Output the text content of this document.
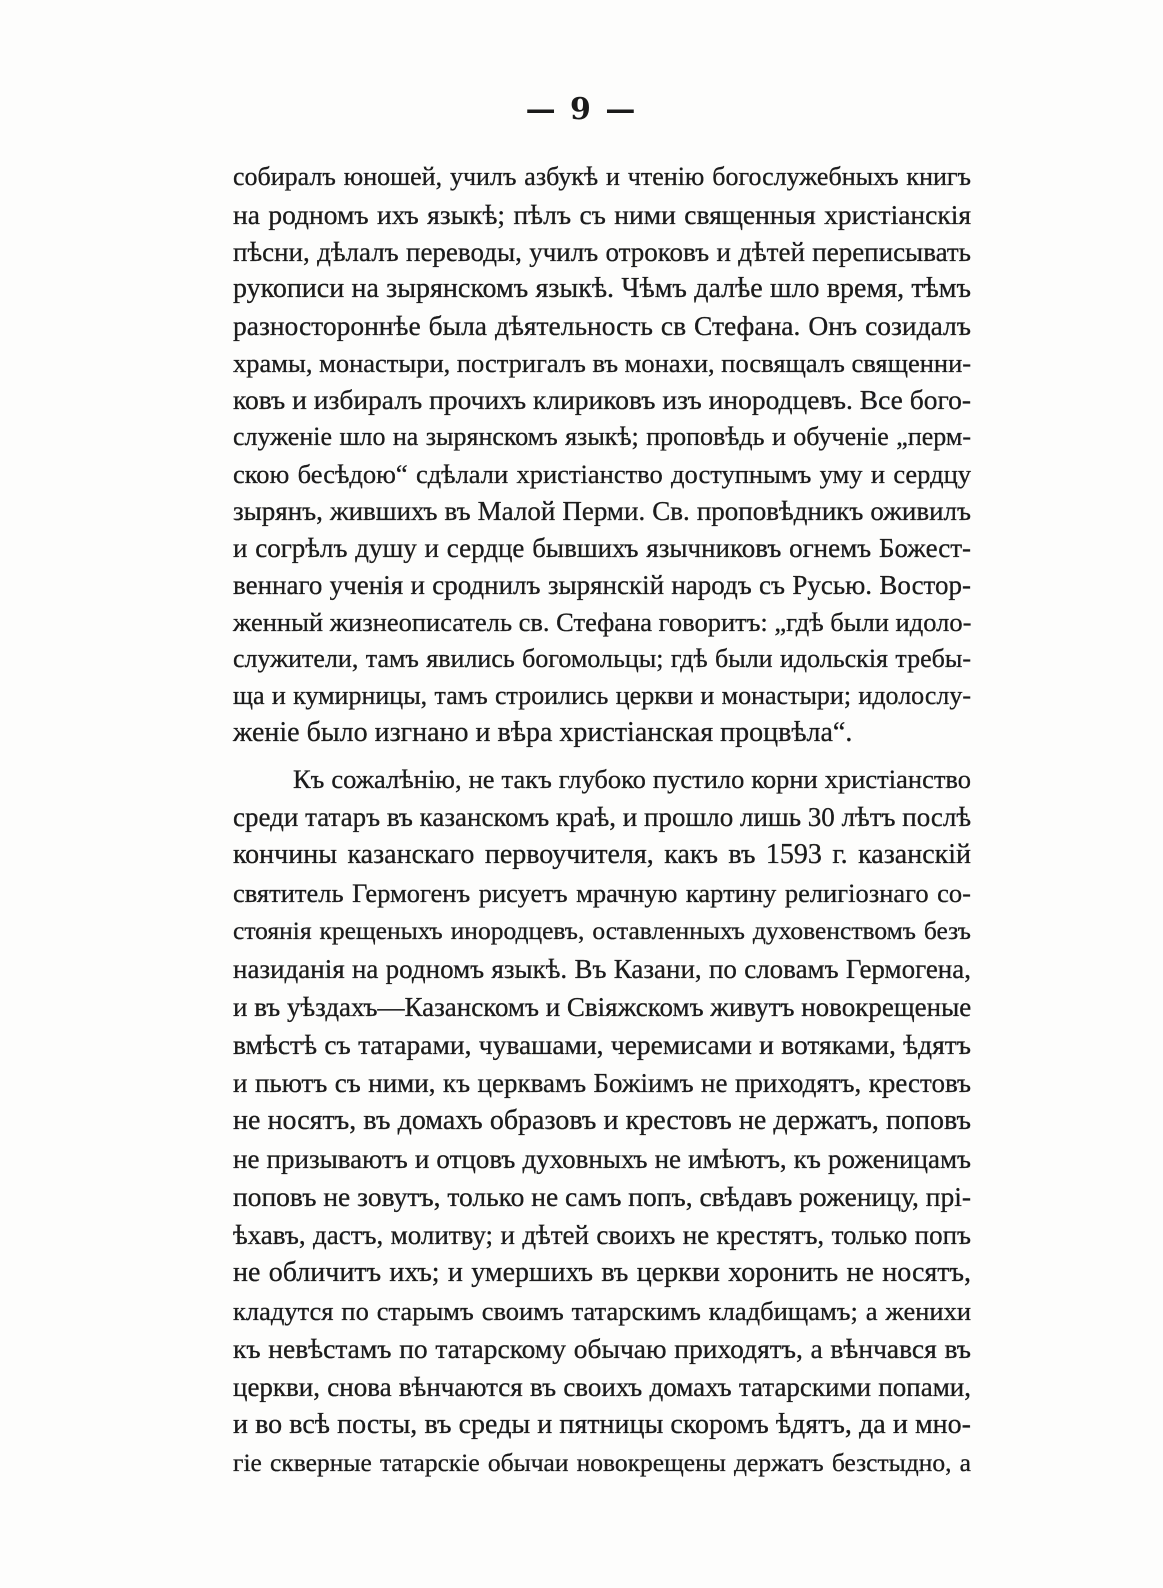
— 9 —
собиралъ юношей, училъ азбукѣ и чтенію богослужебныхъ книгъ
на родномъ ихъ языкѣ; пѣлъ съ ними священныя христіанскія
пѣсни, дѣлалъ переводы, училъ отроковъ и дѣтей переписывать
рукописи на зырянскомъ языкѣ. Чѣмъ далѣе шло время, тѣмъ
разностороннѣе была дѣятельность св Стефана. Онъ созидалъ
храмы, монастыри, постригалъ въ монахи, посвящалъ священни-
ковъ и избиралъ прочихъ клириковъ изъ инородцевъ. Все бого-
служеніе шло на зырянскомъ языкѣ; проповѣдь и обученіе „перм-
скою бесѣдою“ сдѣлали христіанство доступнымъ уму и сердцу
зырянъ, жившихъ въ Малой Перми. Св. проповѣдникъ оживилъ
и согрѣлъ душу и сердце бывшихъ язычниковъ огнемъ Божест-
веннаго ученія и сроднилъ зырянскій народъ съ Русью. Востор-
женный жизнеописатель св. Стефана говоритъ: „гдѣ были идоло-
служители, тамъ явились богомольцы; гдѣ были идольскія требы-
ща и кумирницы, тамъ строились церкви и монастыри; идолослу-
женіе было изгнано и вѣра христіанская процвѣла“.
Къ сожалѣнію, не такъ глубоко пустило корни христіанство
среди татаръ въ казанскомъ краѣ, и прошло лишь 30 лѣтъ послѣ
кончины казанскаго первоучителя, какъ въ 1593 г. казанскій
святитель Гермогенъ рисуетъ мрачную картину религіознаго со-
стоянія крещеныхъ инородцевъ, оставленныхъ духовенствомъ безъ
назиданія на родномъ языкѣ. Въ Казани, по словамъ Гермогена,
и въ уѣздахъ—Казанскомъ и Свіяжскомъ живутъ новокрещеные
вмѣстѣ съ татарами, чувашами, черемисами и вотяками, ѣдятъ
и пьютъ съ ними, къ церквамъ Божіимъ не приходятъ, крестовъ
не носятъ, въ домахъ образовъ и крестовъ не держатъ, поповъ
не призываютъ и отцовъ духовныхъ не имѣютъ, къ роженицамъ
поповъ не зовутъ, только не самъ попъ, свѣдавъ роженицу, прі-
ѣхавъ, дастъ, молитву; и дѣтей своихъ не крестятъ, только попъ
не обличитъ ихъ; и умершихъ въ церкви хоронить не носятъ,
кладутся по старымъ своимъ татарскимъ кладбищамъ; а женихи
къ невѣстамъ по татарскому обычаю приходятъ, а вѣнчався въ
церкви, снова вѣнчаются въ своихъ домахъ татарскими попами,
и во всѣ посты, въ среды и пятницы скоромъ ѣдятъ, да и мно-
гіе скверные татарскіе обычаи новокрещены держатъ безстыдно, а
